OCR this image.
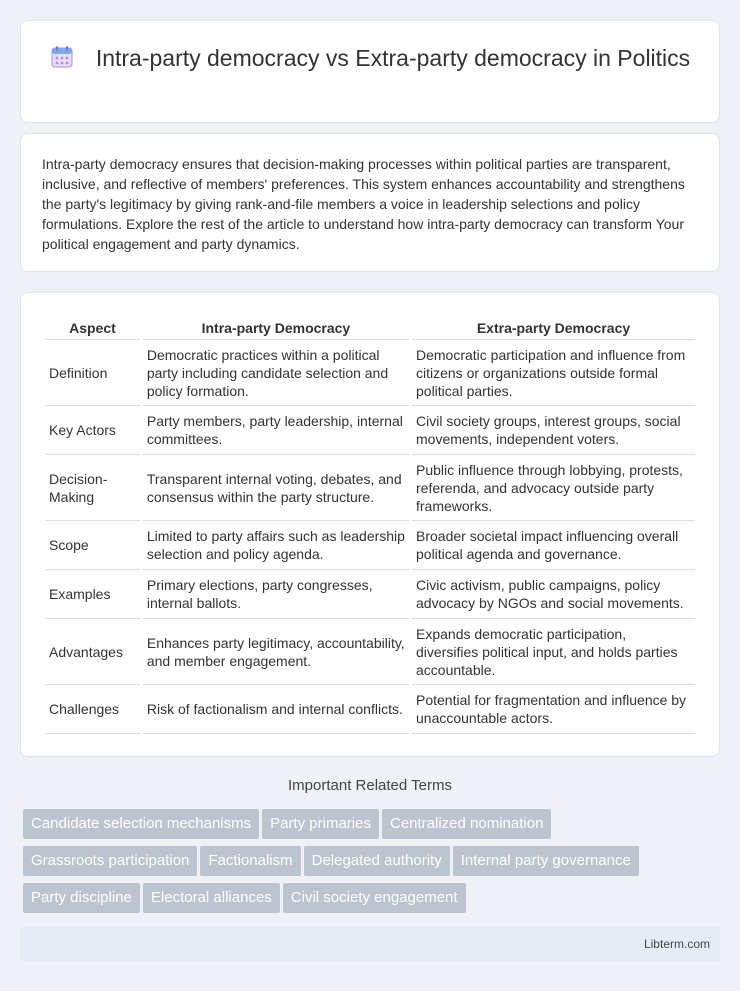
Intra-party democracy vs Extra-party democracy in Politics

Intra-party democracy ensures that decision-making processes within political parties are transparent, inclusive, and reflective of members' preferences. This system enhances accountability and strengthens the party's legitimacy by giving rank-and-file members a voice in leadership selections and policy formulations. Explore the rest of the article to understand how intra-party democracy can transform Your political engagement and party dynamics.

Aspect	Intra-party Democracy	Extra-party Democracy
Definition	Democratic practices within a political party including candidate selection and policy formation.	Democratic participation and influence from citizens or organizations outside formal political parties.
Key Actors	Party members, party leadership, internal committees.	Civil society groups, interest groups, social movements, independent voters.
Decision-Making	Transparent internal voting, debates, and consensus within the party structure.	Public influence through lobbying, protests, referenda, and advocacy outside party frameworks.
Scope	Limited to party affairs such as leadership selection and policy agenda.	Broader societal impact influencing overall political agenda and governance.
Examples	Primary elections, party congresses, internal ballots.	Civic activism, public campaigns, policy advocacy by NGOs and social movements.
Advantages	Enhances party legitimacy, accountability, and member engagement.	Expands democratic participation, diversifies political input, and holds parties accountable.
Challenges	Risk of factionalism and internal conflicts.	Potential for fragmentation and influence by unaccountable actors.
Important Related Terms
Candidate selection mechanisms Party primaries Centralized nomination
Grassroots participation Factionalism Delegated authority Internal party governance
Party discipline Electoral alliances Civil society engagement
Libterm.com
